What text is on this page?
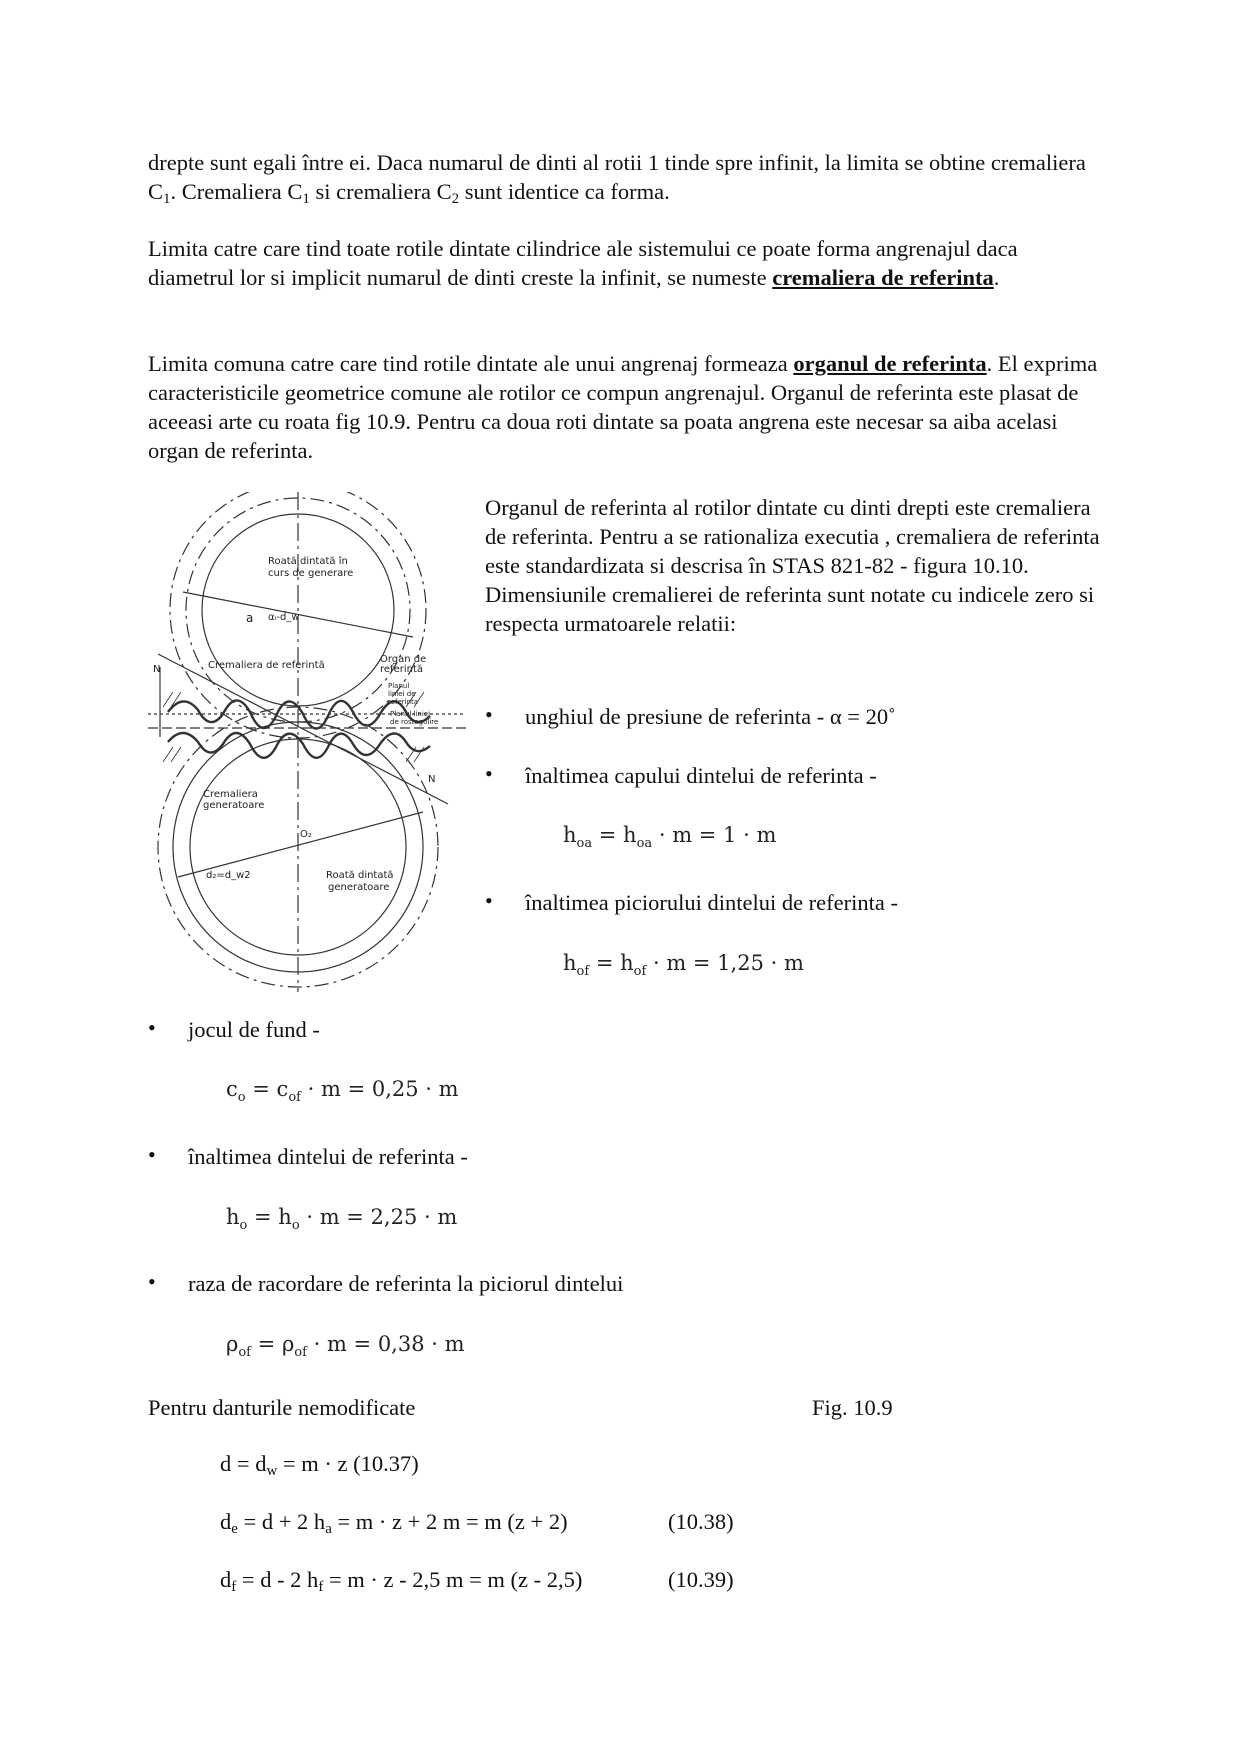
drepte sunt egali între ei. Daca numarul de dinti al rotii 1 tinde spre infinit, la limita se obtine cremaliera $C_1$. Cremaliera $C_1$ si cremaliera $C_2$ sunt identice ca forma.

Limita catre care tind toate rotile dintate cilindrice ale sistemului ce poate forma angrenajul daca diametrul lor si implicit numarul de dinti creste la infinit, se numeste cremaliera de referinta.

Limita comuna catre care tind rotile dintate ale unui angrenaj formeaza organul de referinta. El exprima caracteristicile geometrice comune ale rotilor ce compun angrenajul. Organul de referinta este plasat de aceeasi arte cu roata fig 10.9. Pentru ca doua roti dintate sa poata angrena este necesar sa aiba acelasi organ de referinta.

Roată dintată în
curs de generare
a αᵢ-d_w
Cremaliera de referintă
Organ de
referintă
N
N
Planul
liniei de
referinta
Planul liniei
de rostogolire
Cremaliera
generatoare
O₂
d₂=d_w2	Roată dintată
generatoare

Organul de referinta al rotilor dintate cu dinti drepti este cremaliera de referinta. Pentru a se rationaliza executia , cremaliera de referinta este standardizata si descrisa în STAS 821-82 - figura 10.10. Dimensiunile cremalierei de referinta sunt notate cu indicele zero si respecta urmatoarele relatii:

• unghiul de presiune de referinta - α = 20˚
• înaltimea capului dintelui de referinta -
$h_{oa} = h_{oa} \cdot m = 1 \cdot m$
• înaltimea piciorului dintelui de referinta -
$h_{of} = h_{of} \cdot m = 1,25 \cdot m$
• jocul de fund -
$c_o = c_{of} \cdot m = 0,25 \cdot m$
• înaltimea dintelui de referinta -
$h_o = h_o \cdot m = 2,25 \cdot m$
• raza de racordare de referinta la piciorul dintelui
$\rho_{of} = \rho_{of} \cdot m = 0,38 \cdot m$
Pentru danturile nemodificate	Fig. 10.9
$d = d_w = m \cdot z$ (10.37)
$d_e = d + 2$ $h_a = m \cdot z + 2$ m = m (z + 2)	(10.38)
$d_f = d - 2$ $h_f = m \cdot z - 2,5$ m = m (z - 2,5)	(10.39)
